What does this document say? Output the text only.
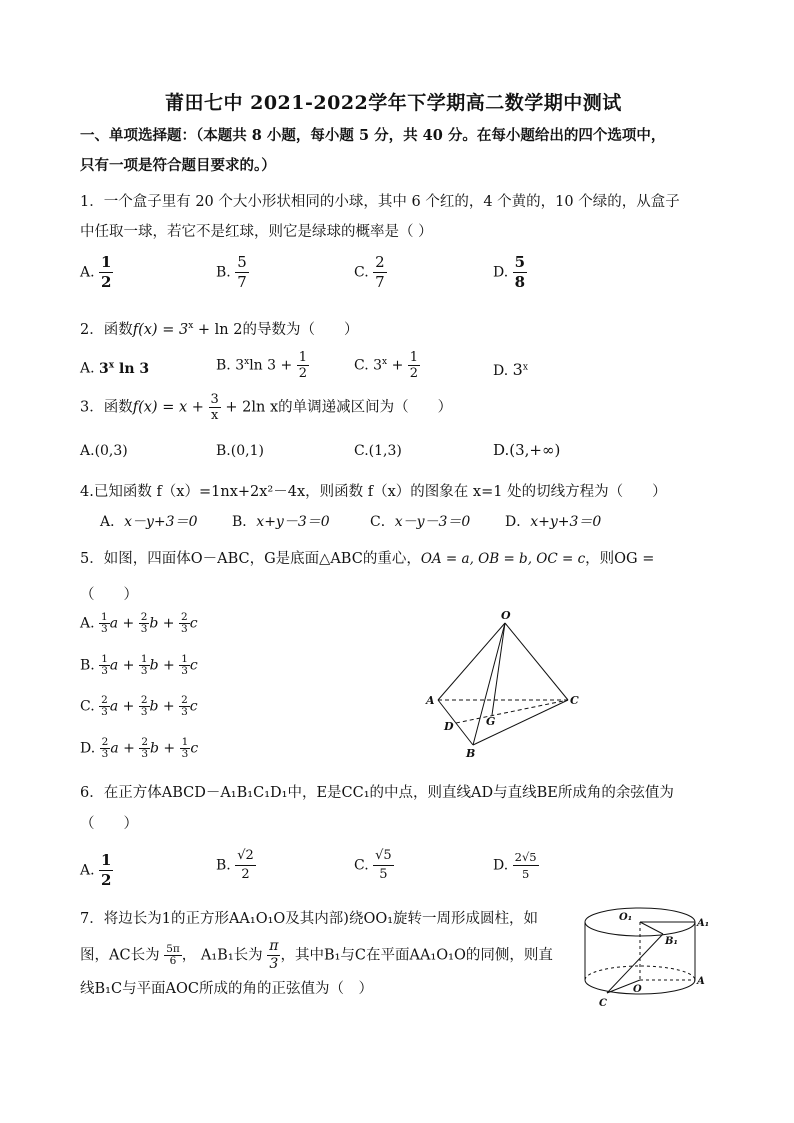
莆田七中 2021-2022学年下学期高二数学期中测试
一、单项选择题：（本题共 8 小题，每小题 5 分，共 40 分。在每小题给出的四个选项中，
只有一项是符合题目要求的。）
1．一个盒子里有 20 个大小形状相同的小球，其中 6 个红的，4 个黄的，10 个绿的，从盒子
中任取一球，若它不是红球，则它是绿球的概率是（ ）
A. $\frac{1}{2}$	B. $\frac{5}{7}$	C. $\frac{2}{7}$	D. $\frac{5}{8}$
2．函数$f(x) = 3^x + \ln 2$的导数为（　　）
A. 3$^x$ ln 3	B. 3$^x$ln $3 + \frac{1}{2}$	C. $3^x + \frac{1}{2}$	D. 3$^x$
3．函数$f(x) = x + \frac{3}{x} + 2\ln$ x的单调递减区间为（　　）
A.(0,3)	B.(0,1)	C.(1,3)	D.(3,+∞)
4.已知函数 f（x）=1nx+2x²－4x，则函数 f（x）的图象在 x=1 处的切线方程为（　　）
A．x－y+3＝0 B．x+y－3＝0	C．x－y－3＝0 D．x+y+3＝0
5．如图，四面体O－ABC，G是底面△ABC的重心，OA = a, OB = b, OC = c，则OG =
（　　）
A. $\frac{1}{3}$ $a + \frac{2}{3}$ $b + \frac{2}{3}$ c
B. $\frac{1}{3}$ $a + \frac{1}{3}$ $b + \frac{1}{3}$ c
C. $\frac{2}{3}$ $a + \frac{2}{3}$ $b + \frac{2}{3}$ c
D. $\frac{2}{3}$ $a + \frac{2}{3}$ $b + \frac{1}{3}$ c
O
A
B
C
D	G
6．在正方体ABCD－A₁B₁C₁D₁中，E是CC₁的中点，则直线AD与直线BE所成角的余弦值为
（　　）
A. $\frac{1}{2}$	B. $\frac{√2}{2}$	C. $\frac{√5}{5}$	D. $\frac{2√5}{5}$
7．将边长为1的正方形AA₁O₁O及其内部)绕OO₁旋转一周形成圆柱，如
图，AC长为 $\frac{5\pi}{6}$ ， A₁B₁长为 $\frac{\pi}{3}$ ，其中B₁与C在平面AA₁O₁O的同侧，则直
线B₁C与平面AOC所成的角的正弦值为（　）
O₁
A₁
B₁
O
A
C
